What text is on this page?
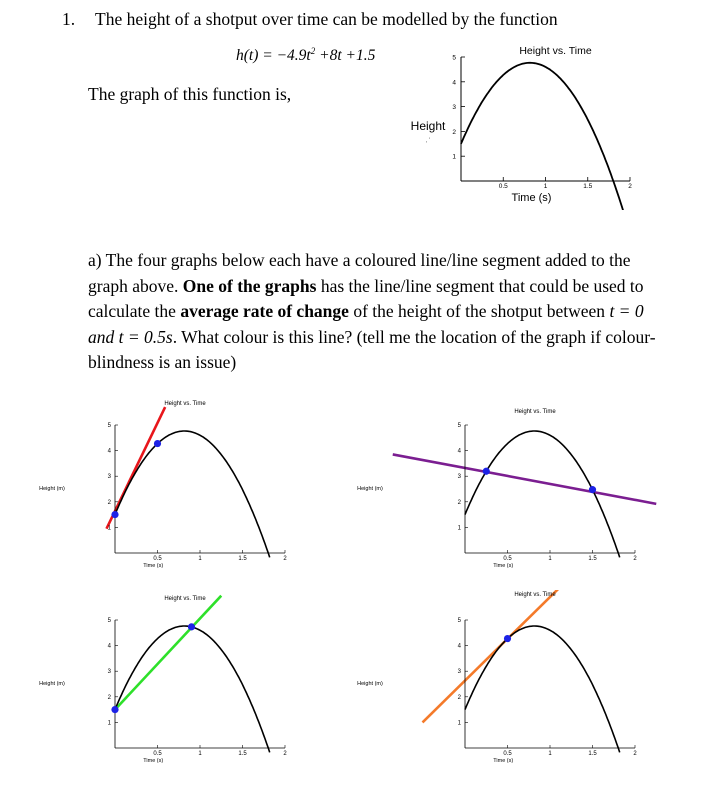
1. The height of a shotput over time can be modelled by the function
$h(t) = -4.9t^2 +8t +1.5$
The graph of this function is,
Height vs. Time
1
2
3
4
5
0.5	1	1.5	2
Time (s)
Height
, '
a) The four graphs below each have a coloured line/line segment added to the graph above. One of the graphs has the line/line segment that could be used to calculate the average rate of change of the height of the shotput between t = 0 and t = 0.5s. What colour is this line? (tell me the location of the graph if colour-blindness is an issue)
Height vs. Time
1
2
3
4
5
0.5	1	1.5	2
Time (s)
Height (m)
Height vs. Time
1
2
3
4
5
0.5	1	1.5	2
Time (s)
Height (m)
Height vs. Time
1
2
3
4
5
0.5	1	1.5	2
Time (s)
Height (m)
Height vs. Time
1
2
3
4
5
0.5	1	1.5	2
Time (s)
Height (m)
